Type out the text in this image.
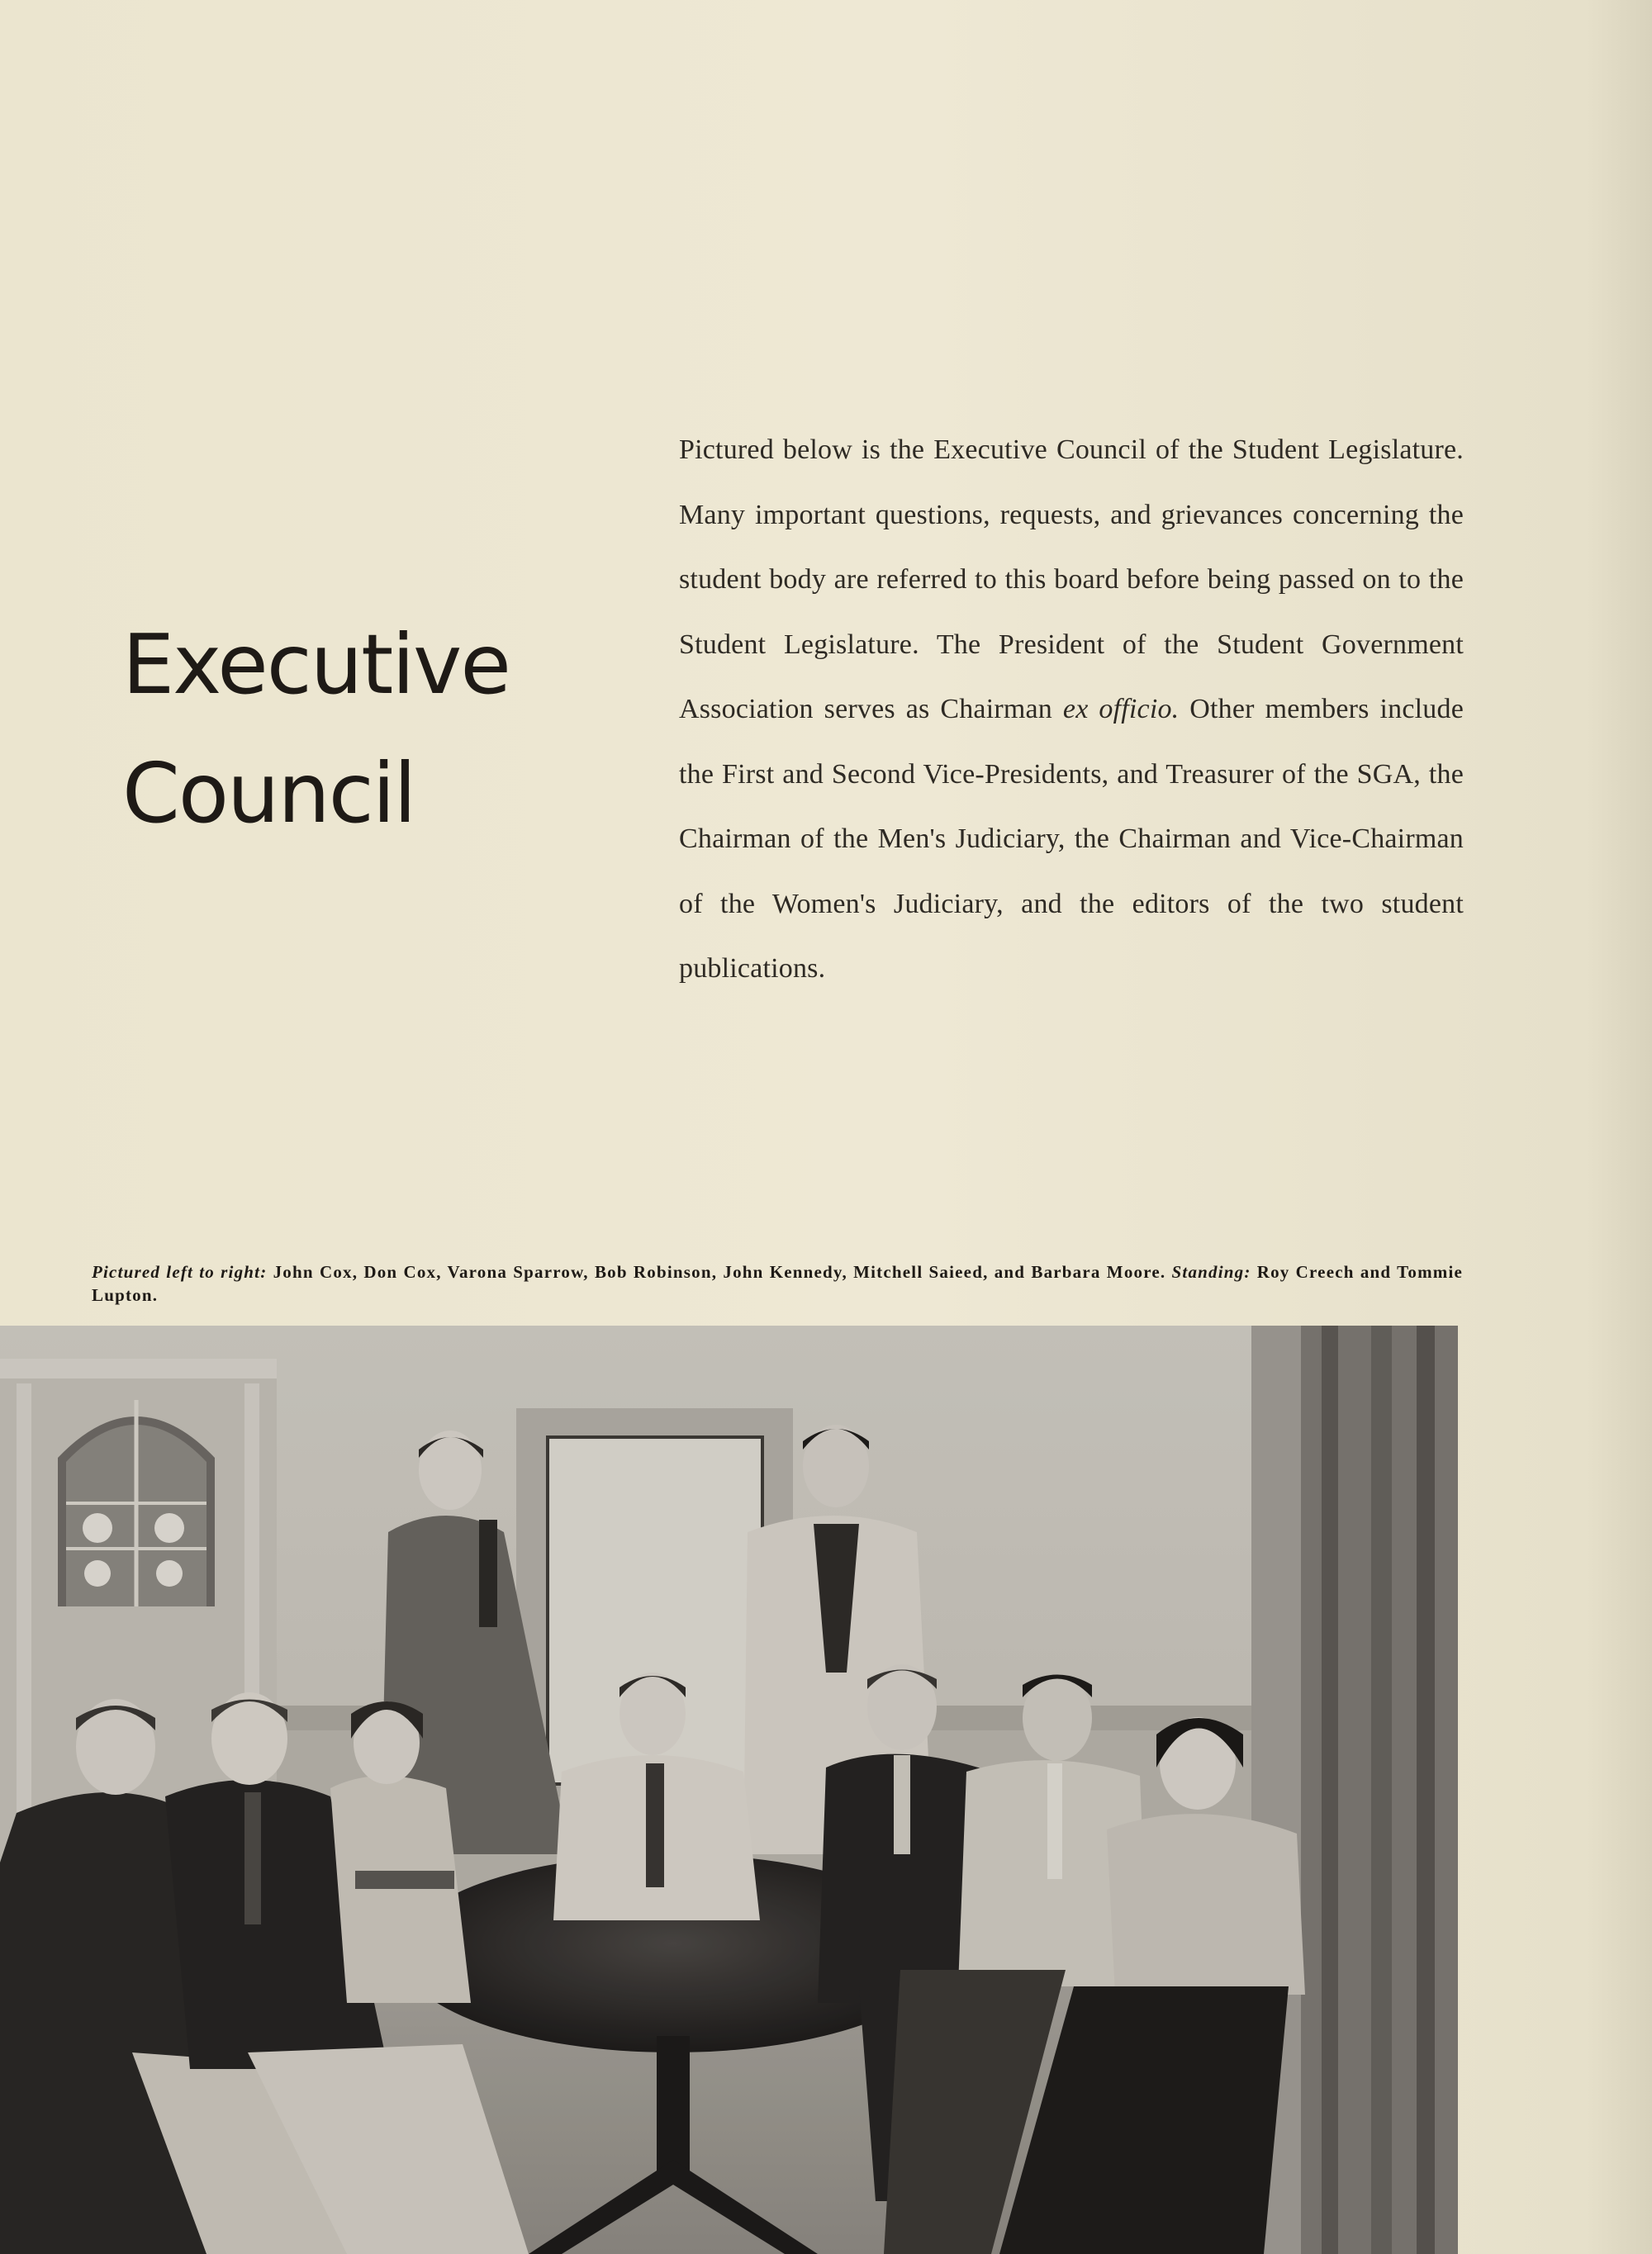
Executive
Council

Pictured below is the Executive Council of the Student Legislature. Many important questions, requests, and grievances concerning the student body are referred to this board before being passed on to the Student Legislature. The President of the Student Government Association serves as Chairman ex officio. Other members include the First and Second Vice-Presidents, and Treasurer of the SGA, the Chairman of the Men's Judiciary, the Chairman and Vice-Chairman of the Women's Judiciary, and the editors of the two student publications.

Pictured left to right: John Cox, Don Cox, Varona Sparrow, Bob Robinson, John Kennedy, Mitchell Saieed, and Barbara Moore. Standing: Roy Creech and Tommie Lupton.
